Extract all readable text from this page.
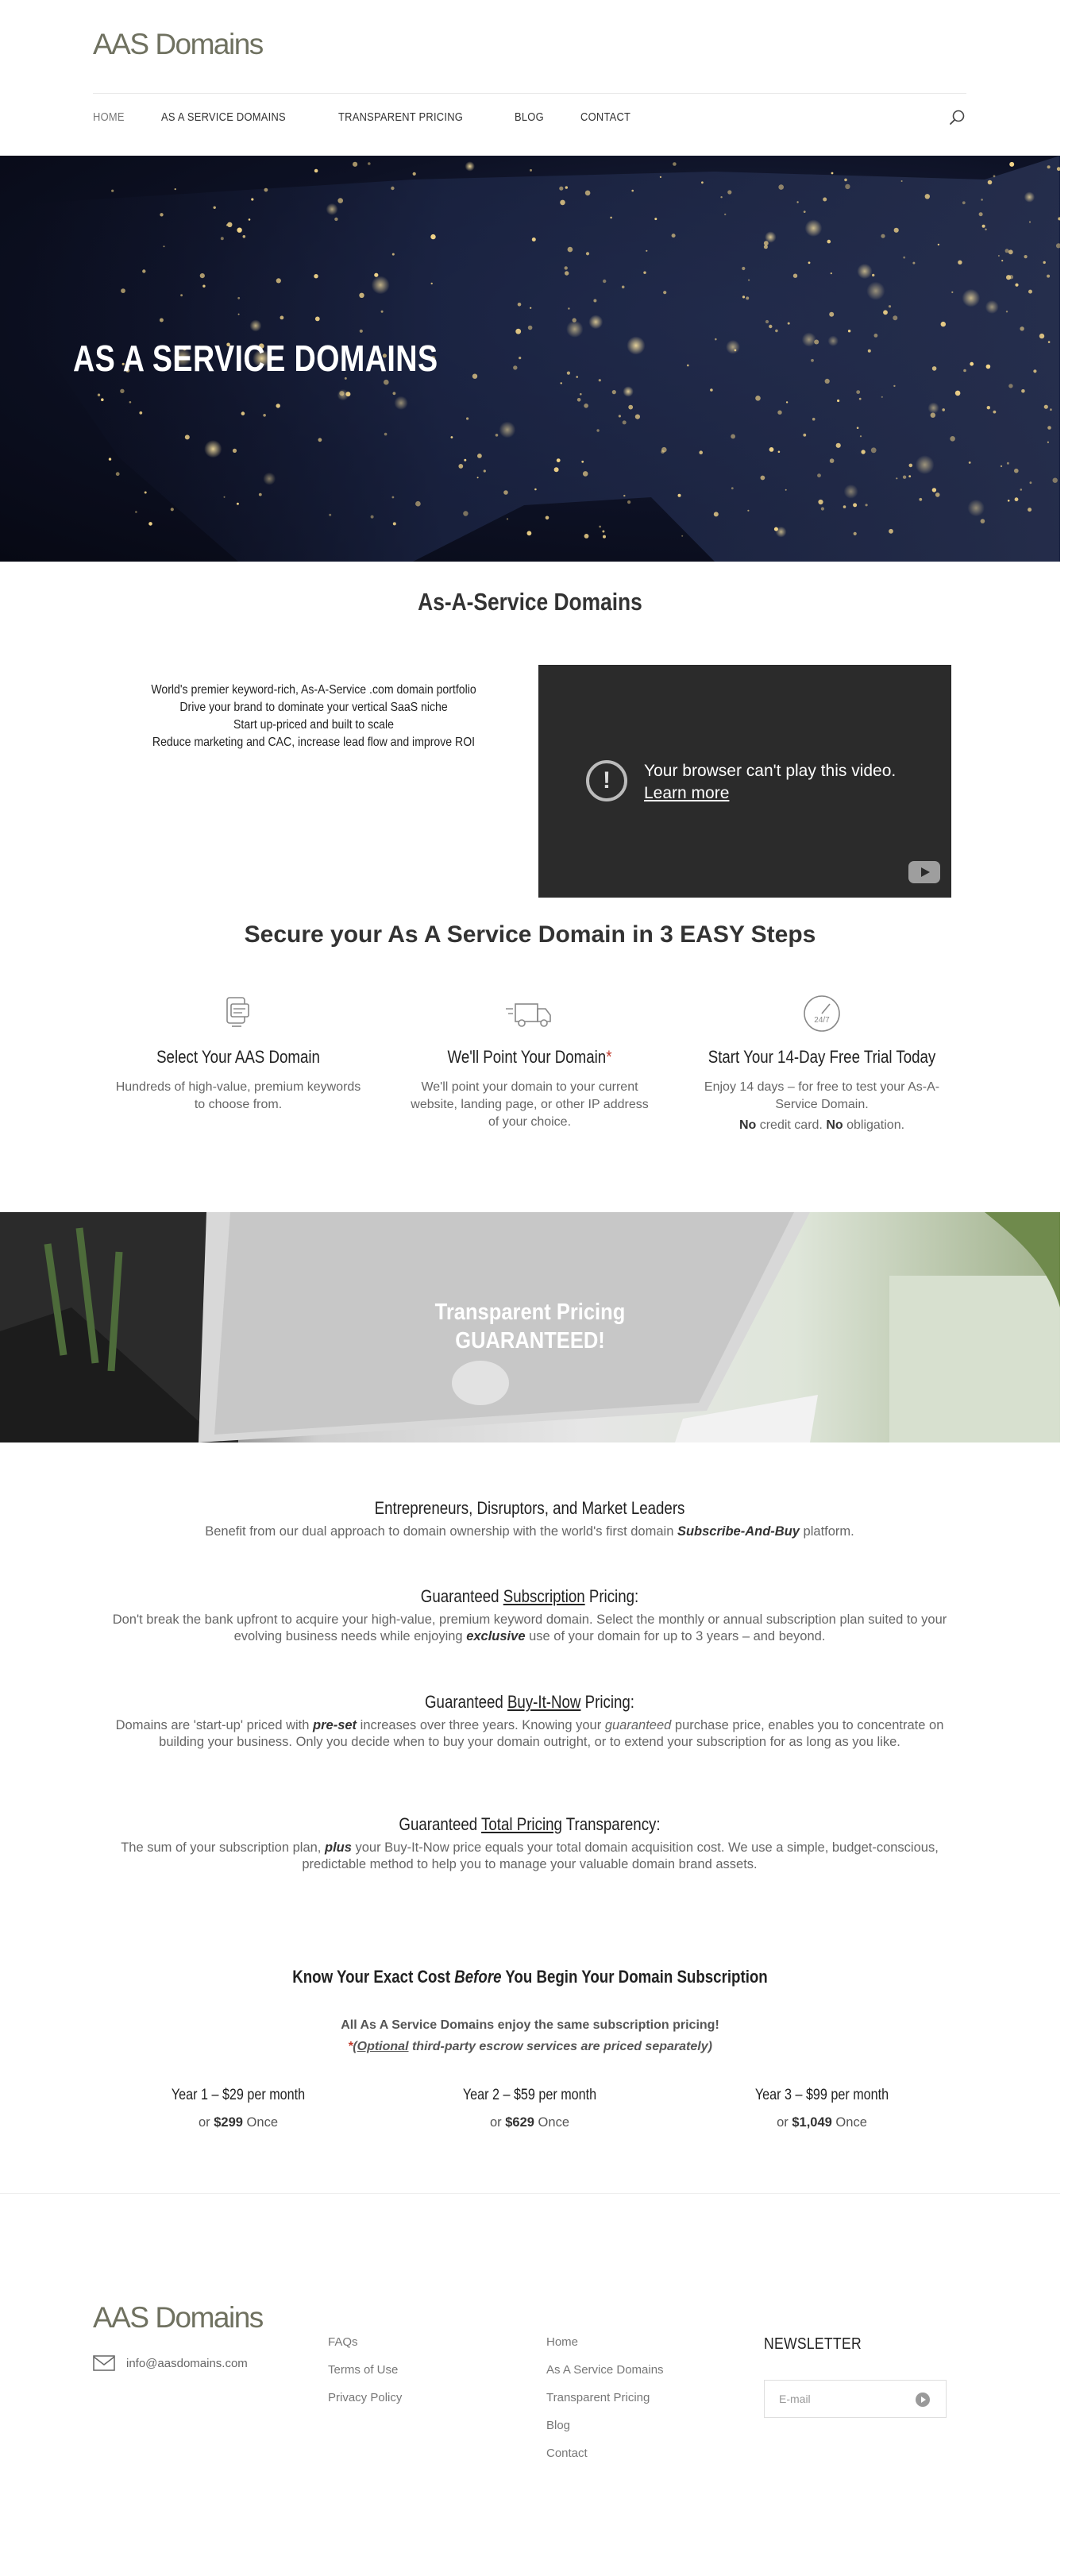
AAS Domains
HOME	AS A SERVICE DOMAINS	TRANSPARENT PRICING	BLOG	CONTACT
AS A SERVICE DOMAINS
As-A-Service Domains
World's premier keyword-rich, As-A-Service .com domain portfolio
Drive your brand to dominate your vertical SaaS niche
Start up-priced and built to scale
Reduce marketing and CAC, increase lead flow and improve ROI
!	Your browser can't play this video.
Learn more
Secure your As A Service Domain in 3 EASY Steps
Select Your AAS Domain

Hundreds of high-value, premium keywords to choose from.

We'll Point Your Domain*

We'll point your domain to your current website, landing page, or other IP address of your choice.

24/7
Start Your 14-Day Free Trial Today

Enjoy 14 days – for free to test your As-A-Service Domain.

No credit card. No obligation.

Transparent Pricing
GUARANTEED!
Entrepreneurs, Disruptors, and Market Leaders

Benefit from our dual approach to domain ownership with the world's first domain Subscribe-And-Buy platform.

Guaranteed Subscription Pricing:

Don't break the bank upfront to acquire your high-value, premium keyword domain. Select the monthly or annual subscription plan suited to your evolving business needs while enjoying exclusive use of your domain for up to 3 years – and beyond.

Guaranteed Buy-It-Now Pricing:

Domains are 'start-up' priced with pre-set increases over three years. Knowing your guaranteed purchase price, enables you to concentrate on building your business. Only you decide when to buy your domain outright, or to extend your subscription for as long as you like.

Guaranteed Total Pricing Transparency:

The sum of your subscription plan, plus your Buy-It-Now price equals your total domain acquisition cost. We use a simple, budget-conscious, predictable method to help you to manage your valuable domain brand assets.

Know Your Exact Cost Before You Begin Your Domain Subscription
All As A Service Domains enjoy the same subscription pricing!
*(Optional third-party escrow services are priced separately)
Year 1 – $29 per month

or $299 Once

Year 2 – $59 per month

or $629 Once

Year 3 – $99 per month

or $1,049 Once

AAS Domains
info@aasdomains.com
FAQs
Terms of Use
Privacy Policy
Home
As A Service Domains
Transparent Pricing
Blog
Contact
NEWSLETTER
E-mail
